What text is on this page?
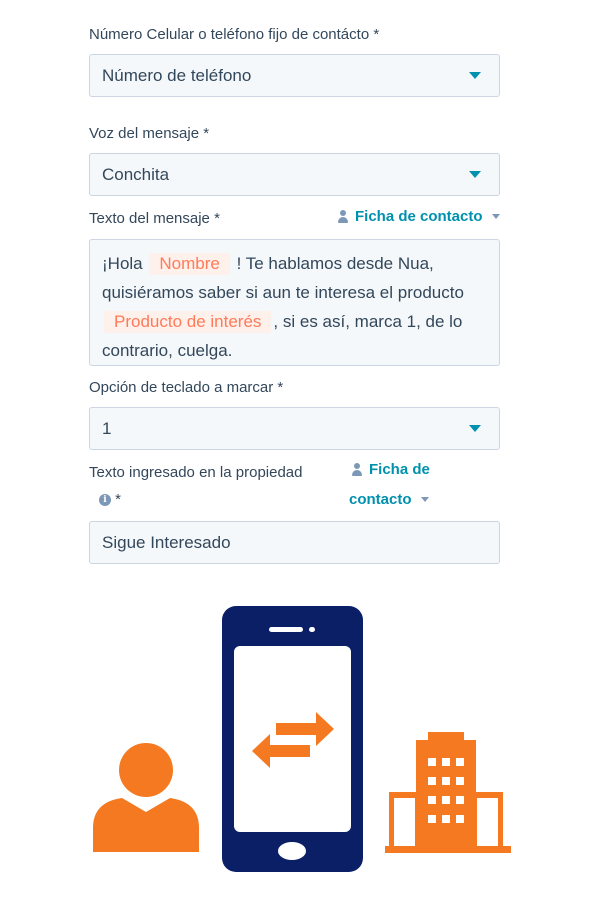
Número Celular o teléfono fijo de contácto *
Número de teléfono
Voz del mensaje *
Conchita
Texto del mensaje *	Ficha de contacto
¡Hola Nombre ! Te hablamos desde Nua, quisiéramos saber si aun te interesa el producto Producto de interés , si es así, marca 1, de lo contrario, cuelga.
Opción de teclado a marcar *
1
Texto ingresado en la propiedad
i *
Ficha de
contacto
Sigue Interesado
